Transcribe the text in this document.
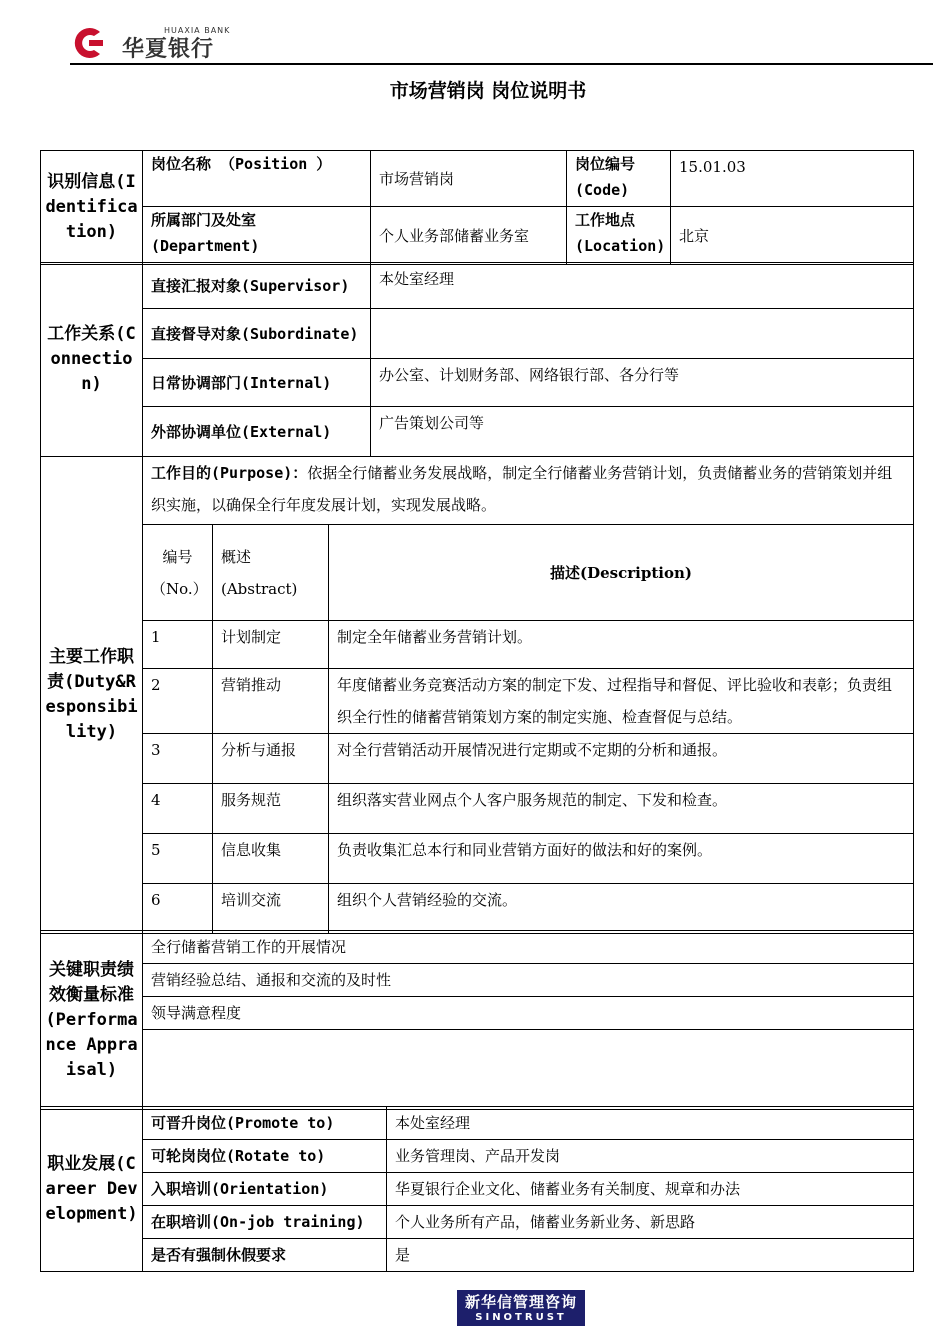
HUAXIA BANK
华夏银行
市场营销岗 岗位说明书
识别信息(Identification)	岗位名称 （Position ）	市场营销岗	岗位编号 (Code)	15.01.03
	所属部门及处室 (Department)	个人业务部储蓄业务室	工作地点 (Location)	北京
工作关系(Connection)	直接汇报对象(Supervisor)	本处室经理
	直接督导对象(Subordinate)	
	日常协调部门(Internal)	办公室、计划财务部、网络银行部、各分行等
	外部协调单位(External)	广告策划公司等
主要工作职责(Duty&Responsibility)	工作目的(Purpose)：依据全行储蓄业务发展战略，制定全行储蓄业务营销计划，负责储蓄业务的营销策划并组织实施，以确保全行年度发展计划，实现发展战略。		
	编号（No.）	概述(Abstract)	描述(Description)
	1	计划制定	制定全年储蓄业务营销计划。
	2	营销推动	年度储蓄业务竞赛活动方案的制定下发、过程指导和督促、评比验收和表彰；负责组织全行性的储蓄营销策划方案的制定实施、检查督促与总结。
	3	分析与通报	对全行营销活动开展情况进行定期或不定期的分析和通报。
	4	服务规范	组织落实营业网点个人客户服务规范的制定、下发和检查。
	5	信息收集	负责收集汇总本行和同业营销方面好的做法和好的案例。
	6	培训交流	组织个人营销经验的交流。
关键职责绩效衡量标准(Performance Appraisal)	全行储蓄营销工作的开展情况
营销经验总结、通报和交流的及时性
领导满意程度

职业发展(Career Development)	可晋升岗位(Promote to)	本处室经理
	可轮岗岗位(Rotate to)	业务管理岗、产品开发岗
	入职培训(Orientation)	华夏银行企业文化、储蓄业务有关制度、规章和办法
	在职培训(On-job training)	个人业务所有产品，储蓄业务新业务、新思路
	是否有强制休假要求	是
新华信管理咨询
SINOTRUST
